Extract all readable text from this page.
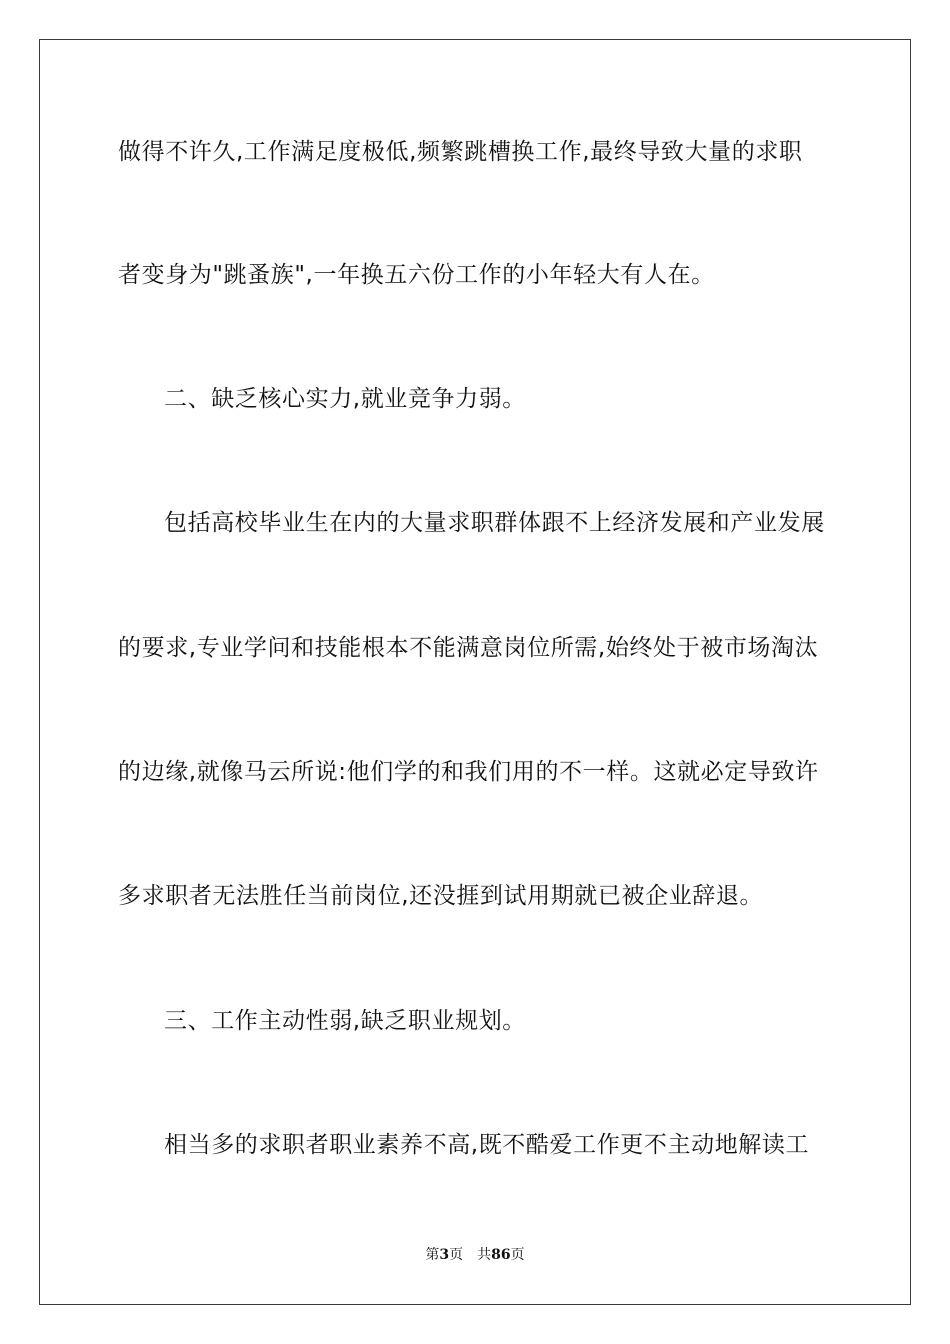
做得不许久,工作满足度极低,频繁跳槽换工作,最终导致大量的求职
者变身为"跳蚤族",一年换五六份工作的小年轻大有人在。
二、缺乏核心实力,就业竞争力弱。
包括高校毕业生在内的大量求职群体跟不上经济发展和产业发展
的要求,专业学问和技能根本不能满意岗位所需,始终处于被市场淘汰
的边缘,就像马云所说:他们学的和我们用的不一样。这就必定导致许
多求职者无法胜任当前岗位,还没捱到试用期就已被企业辞退。
三、工作主动性弱,缺乏职业规划。
相当多的求职者职业素养不高,既不酷爱工作更不主动地解读工
第3页 共86页
